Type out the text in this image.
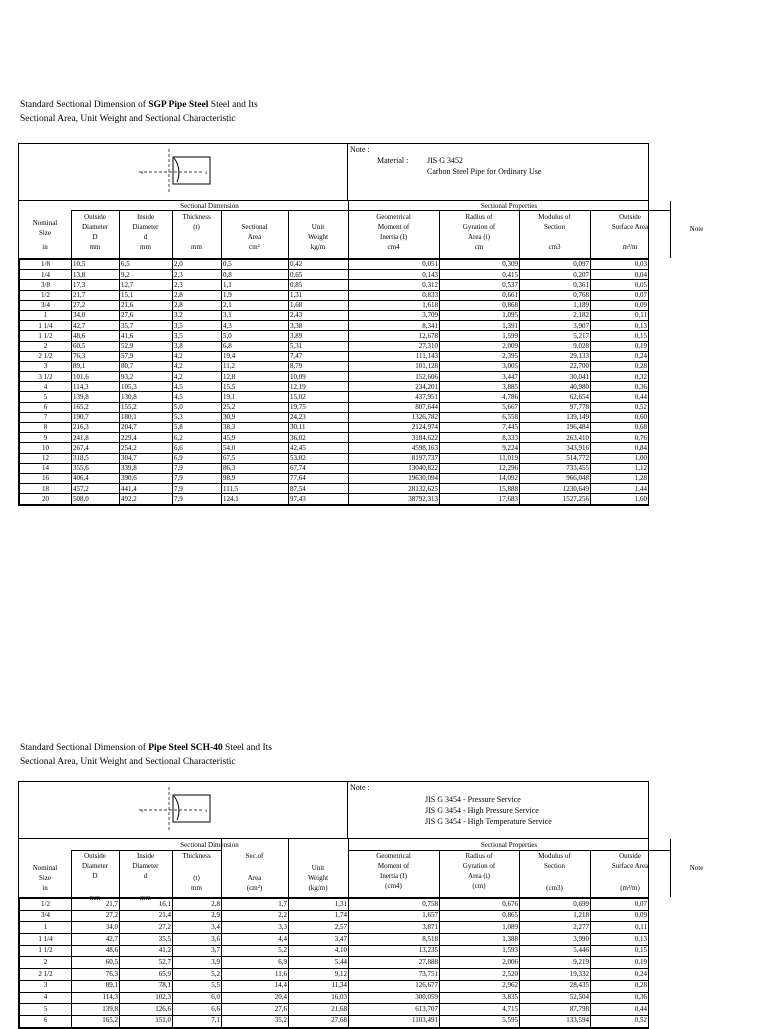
Standard Sectional Dimension of SGP Pipe Steel Steel and Its
Sectional Area, Unit Weight and Sectional Characteristic
x	x
Note :
Material : JIS G 3452
Carbon Steel Pipe for Ordinary Use
Nominal
Size
in
Outside
Diameter
D
mm
Inside
Diameter
d
mm
Thickness
(t)
mm
Sectional
Area
cm²
Unit
Weight
kg/m
Geometrical
Moment of
Inertia (I)
cm4
Radius of
Gyration of
Area (i)
cm
Modulus of
Section
cm3
Outside
Surface Area
m²/m
Note
Sectional Dimension	Sectional Properties
1/8	10,5	6,5	2,0	0,5	0,42	0,051	0,309	0,097	0,03
1/4	13,8	9,2	2,3	0,8	0,65	0,143	0,415	0,207	0,04
3/8	17,3	12,7	2,3	1,1	0,85	0,312	0,537	0,361	0,05
1/2	21,7	15,1	2,8	1,9	1,31	0,833	0,661	0,768	0,07
3/4	27,2	21,6	2,8	2,1	1,68	1,618	0,868	1,189	0,09
1	34,0	27,6	3,2	3,1	2,43	3,709	1,095	2,182	0,11
1 1/4	42,7	35,7	3,5	4,3	3,38	8,341	1,391	3,907	0,13
1 1/2	48,6	41,6	3,5	5,0	3,89	12,678	1,599	5,217	0,15
2	60,5	52,9	3,8	6,8	5,31	27,310	2,009	9,028	0,19
2 1/2	76,3	57,9	4,2	19,4	7,47	111,143	2,395	29,133	0,24
3	89,1	80,7	4,2	11,2	8,79	101,128	3,005	22,700	0,28
3 1/2	101,6	93,2	4,2	12,8	10,09	152,606	3,447	30,041	0,32
4	114,3	105,3	4,5	15,5	12,19	234,201	3,885	40,980	0,36
5	139,8	130,8	4,5	19,1	15,02	437,951	4,786	62,654	0,44
6	165,2	155,2	5,0	25,2	19,75	807,644	5,667	97,778	0,52
7	190,7	180,1	5,3	30,9	24,23	1326,782	6,558	139,149	0,60
8	216,3	204,7	5,8	38,3	30,11	2124,974	7,445	196,484	0,68
9	241,8	229,4	6,2	45,9	36,02	3184,622	8,333	263,410	0,76
10	267,4	254,2	6,6	54,0	42,45	4598,163	9,224	343,916	0,84
12	318,5	304,7	6,9	67,5	53,02	8197,737	11,019	514,772	1,00
14	355,6	339,8	7,9	86,3	67,74	13040,822	12,296	733,455	1,12
16	406,4	390,6	7,9	98,9	77,64	19630,094	14,092	966,048	1,28
18	457,2	441,4	7,9	111,5	87,54	28132,625	15,888	1230,649	1,44
20	508,0	492,2	7,9	124,1	97,43	38792,313	17,683	1527,256	1,60
Standard Sectional Dimension of Pipe Steel SCH-40 Steel and Its
Sectional Area, Unit Weight and Sectional Characteristic
x	x
Note :
JIS G 3454 - Pressure Service
JIS G 3454 - High Pressure Service
JIS G 3454 - High Temperature Service
Nominal
Size
in
Outside
Diameter
D
mm
Inside
Diameter
d
mm
Thickness
(t)
mm
Sec.of
Area
(cm²)
Unit
Weight
(kg/m)
Geometrical
Moment of
Inertia (I)
(cm4)
Radius of
Gyration of
Area (i)
(cm)
Modulus of
Section
(cm3)
Outside
Surface Area
(m²/m)
Note
Sectional Dimension	Sectional Properties
1/2	21,7	16,1	2,8	1,7	1,31	0,758	0,676	0,699	0,07
3/4	27,2	21,4	2,9	2,2	1,74	1,657	0,865	1,218	0,09
1	34,0	27,2	3,4	3,3	2,57	3,871	1,089	2,277	0,11
1 1/4	42,7	35,5	3,6	4,4	3,47	8,518	1,388	3,990	0,13
1 1/2	48,6	41,2	3,7	5,2	4,10	13,235	1,593	5,446	0,15
2	60,5	52,7	3,9	6,9	5,44	27,888	2,006	9,219	0,19
2 1/2	76,3	65,9	5,2	11,6	9,12	73,751	2,520	19,332	0,24
3	89,1	78,1	5,5	14,4	11,34	126,677	2,962	28,435	0,28
4	114,3	102,3	6,0	20,4	16,03	300,059	3,835	52,504	0,36
5	139,8	126,6	6,6	27,6	21,68	613,707	4,715	87,798	0,44
6	165,2	151,0	7,1	35,2	27,68	1103,491	5,595	133,594	0,52
